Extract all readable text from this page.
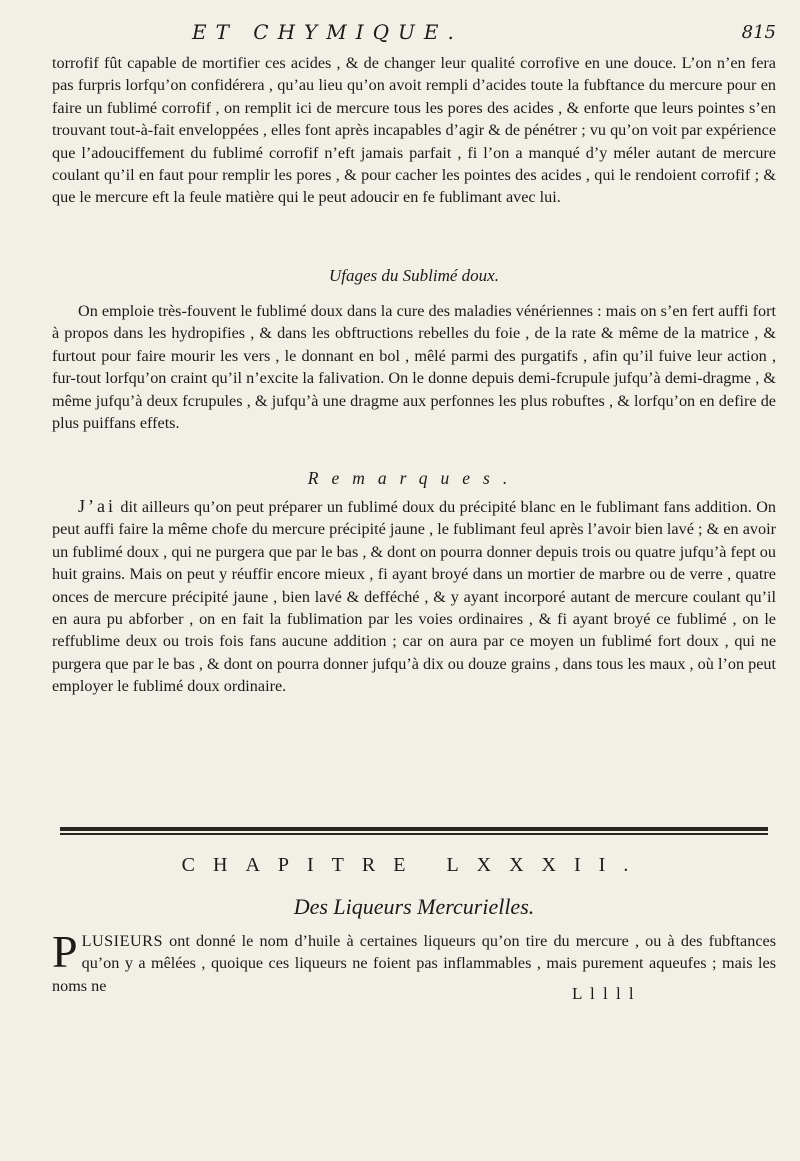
ET CHYMIQUE.	815

torrofif fût capable de mortifier ces acides , & de changer leur qualité corrofive en une douce. L’on n’en fera pas furpris lorfqu’on confidérera , qu’au lieu qu’on avoit rempli d’acides toute la fubftance du mercure pour en faire un fublimé corrofif , on remplit ici de mercure tous les pores des acides , & enforte que leurs pointes s’en trouvant tout-à-fait enveloppées , elles font après incapables d’agir & de pénétrer ; vu qu’on voit par expérience que l’adouciffement du fublimé corrofif n’eft jamais parfait , fi l’on a manqué d’y méler autant de mercure coulant qu’il en faut pour remplir les pores , & pour cacher les pointes des acides , qui le rendoient corrofif ; & que le mercure eft la feule matière qui le peut adoucir en fe fublimant avec lui.

Ufages du Sublimé doux.

On emploie très-fouvent le fublimé doux dans la cure des maladies vénériennes : mais on s’en fert auffi fort à propos dans les hydropifies , & dans les obftructions rebelles du foie , de la rate & même de la matrice , & furtout pour faire mourir les vers , le donnant en bol , mêlé parmi des purgatifs , afin qu’il fuive leur action , fur-tout lorfqu’on craint qu’il n’excite la falivation. On le donne depuis demi-fcrupule jufqu’à demi-dragme , & même jufqu’à deux fcrupules , & jufqu’à une dragme aux perfonnes les plus robuftes , & lorfqu’on en defire de plus puiffans effets.

Remarques.

J’ai dit ailleurs qu’on peut préparer un fublimé doux du précipité blanc en le fublimant fans addition. On peut auffi faire la même chofe du mercure précipité jaune , le fublimant feul après l’avoir bien lavé ; & en avoir un fublimé doux , qui ne purgera que par le bas , & dont on pourra donner depuis trois ou quatre jufqu’à fept ou huit grains. Mais on peut y réuffir encore mieux , fi ayant broyé dans un mortier de marbre ou de verre , quatre onces de mercure précipité jaune , bien lavé & defféché , & y ayant incorporé autant de mercure coulant qu’il en aura pu abforber , on en fait la fublimation par les voies ordinaires , & fi ayant broyé ce fublimé , on le reffublime deux ou trois fois fans aucune addition ; car on aura par ce moyen un fublimé fort doux , qui ne purgera que par le bas , & dont on pourra donner jufqu’à dix ou douze grains , dans tous les maux , où l’on peut employer le fublimé doux ordinaire.

CHAPITRE LXXXII.
Des Liqueurs Mercurielles.

PLUSIEURS ont donné le nom d’huile à certaines liqueurs qu’on tire du mercure , ou à des fubftances qu’on y a mêlées , quoique ces liqueurs ne foient pas inflammables , mais purement aqueufes ; mais les noms ne	L l l l l
